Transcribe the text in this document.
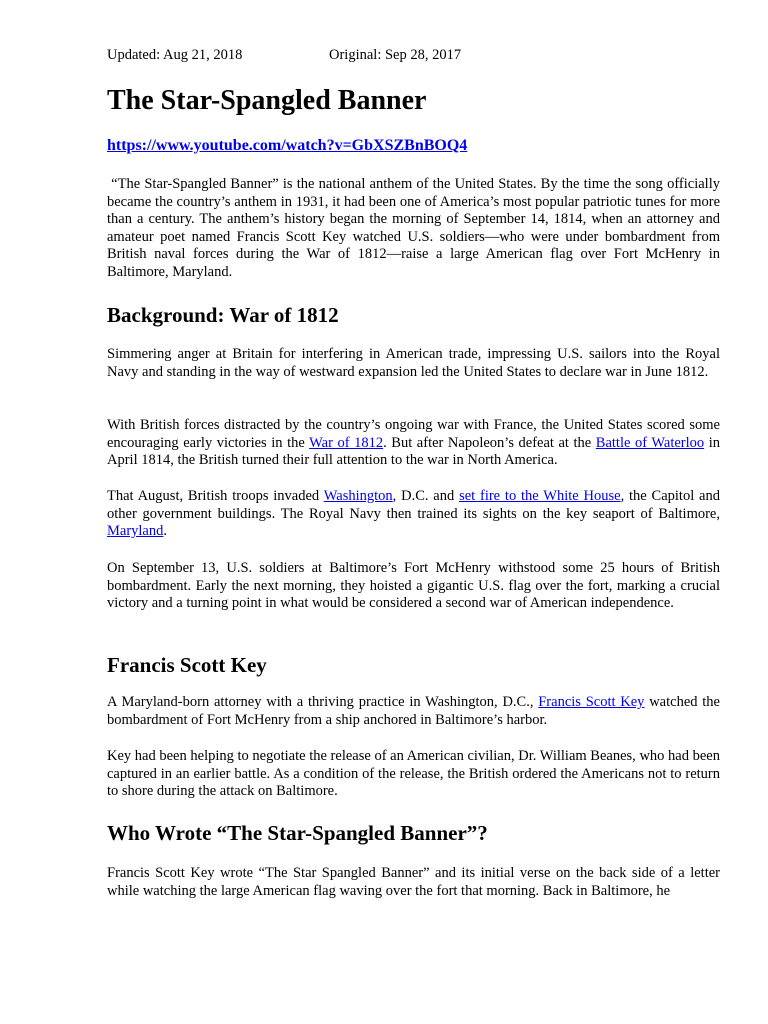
Updated: Aug 21, 2018	Original: Sep 28, 2017
The Star-Spangled Banner
https://www.youtube.com/watch?v=GbXSZBnBOQ4

“The Star-Spangled Banner” is the national anthem of the United States. By the time the song officially became the country’s anthem in 1931, it had been one of America’s most popular patriotic tunes for more than a century. The anthem’s history began the morning of September 14, 1814, when an attorney and amateur poet named Francis Scott Key watched U.S. soldiers—who were under bombardment from British naval forces during the War of 1812—raise a large American flag over Fort McHenry in Baltimore, Maryland.

Background: War of 1812

Simmering anger at Britain for interfering in American trade, impressing U.S. sailors into the Royal Navy and standing in the way of westward expansion led the United States to declare war in June 1812.

With British forces distracted by the country’s ongoing war with France, the United States scored some encouraging early victories in the War of 1812. But after Napoleon’s defeat at the Battle of Waterloo in April 1814, the British turned their full attention to the war in North America.

That August, British troops invaded Washington, D.C. and set fire to the White House, the Capitol and other government buildings. The Royal Navy then trained its sights on the key seaport of Baltimore, Maryland.

On September 13, U.S. soldiers at Baltimore’s Fort McHenry withstood some 25 hours of British bombardment. Early the next morning, they hoisted a gigantic U.S. flag over the fort, marking a crucial victory and a turning point in what would be considered a second war of American independence.

Francis Scott Key

A Maryland-born attorney with a thriving practice in Washington, D.C., Francis Scott Key watched the bombardment of Fort McHenry from a ship anchored in Baltimore’s harbor.

Key had been helping to negotiate the release of an American civilian, Dr. William Beanes, who had been captured in an earlier battle. As a condition of the release, the British ordered the Americans not to return to shore during the attack on Baltimore.

Who Wrote “The Star-Spangled Banner”?

Francis Scott Key wrote “The Star Spangled Banner” and its initial verse on the back side of a letter while watching the large American flag waving over the fort that morning. Back in Baltimore, he
